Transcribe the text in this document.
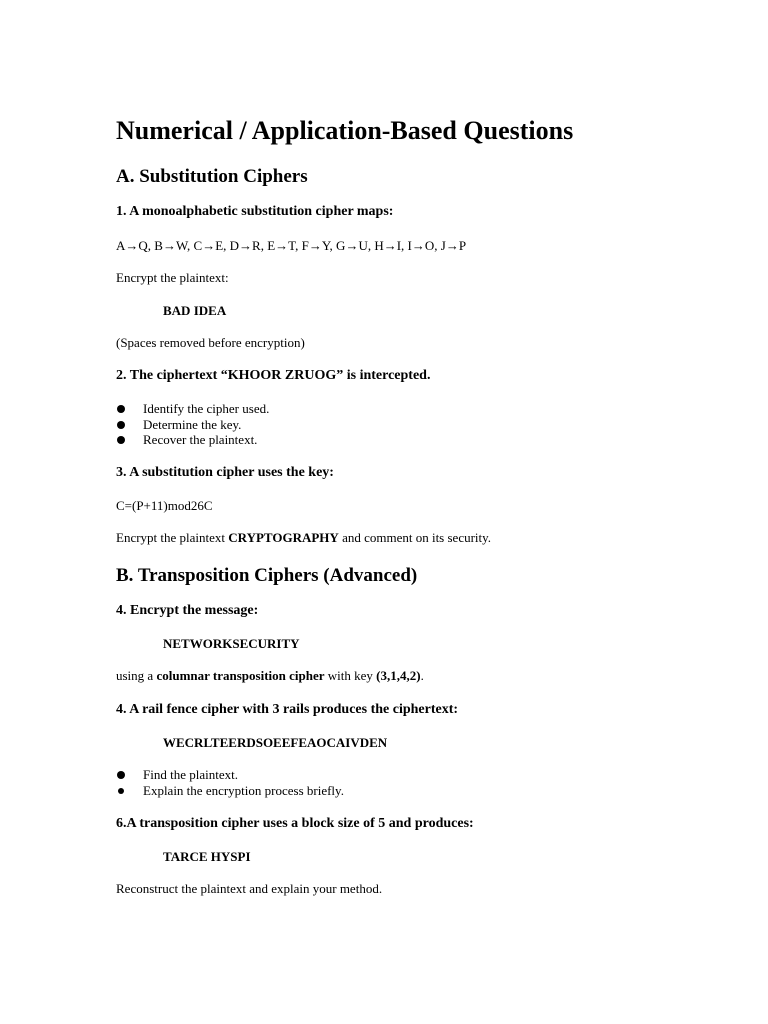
Numerical / Application-Based Questions
A. Substitution Ciphers
1. A monoalphabetic substitution cipher maps:
A→Q, B→W, C→E, D→R, E→T, F→Y, G→U, H→I, I→O, J→P
Encrypt the plaintext:
BAD IDEA
(Spaces removed before encryption)
2. The ciphertext “KHOOR ZRUOG” is intercepted.
Identify the cipher used.
Determine the key.
Recover the plaintext.
3. A substitution cipher uses the key:
C=(P+11)mod26C
Encrypt the plaintext CRYPTOGRAPHY and comment on its security.
B. Transposition Ciphers (Advanced)
4. Encrypt the message:
NETWORKSECURITY
using a columnar transposition cipher with key (3,1,4,2).
4. A rail fence cipher with 3 rails produces the ciphertext:
WECRLTEERDSOEEFEAOCAIVDEN
Find the plaintext.
Explain the encryption process briefly.
6.A transposition cipher uses a block size of 5 and produces:
TARCE HYSPI
Reconstruct the plaintext and explain your method.
